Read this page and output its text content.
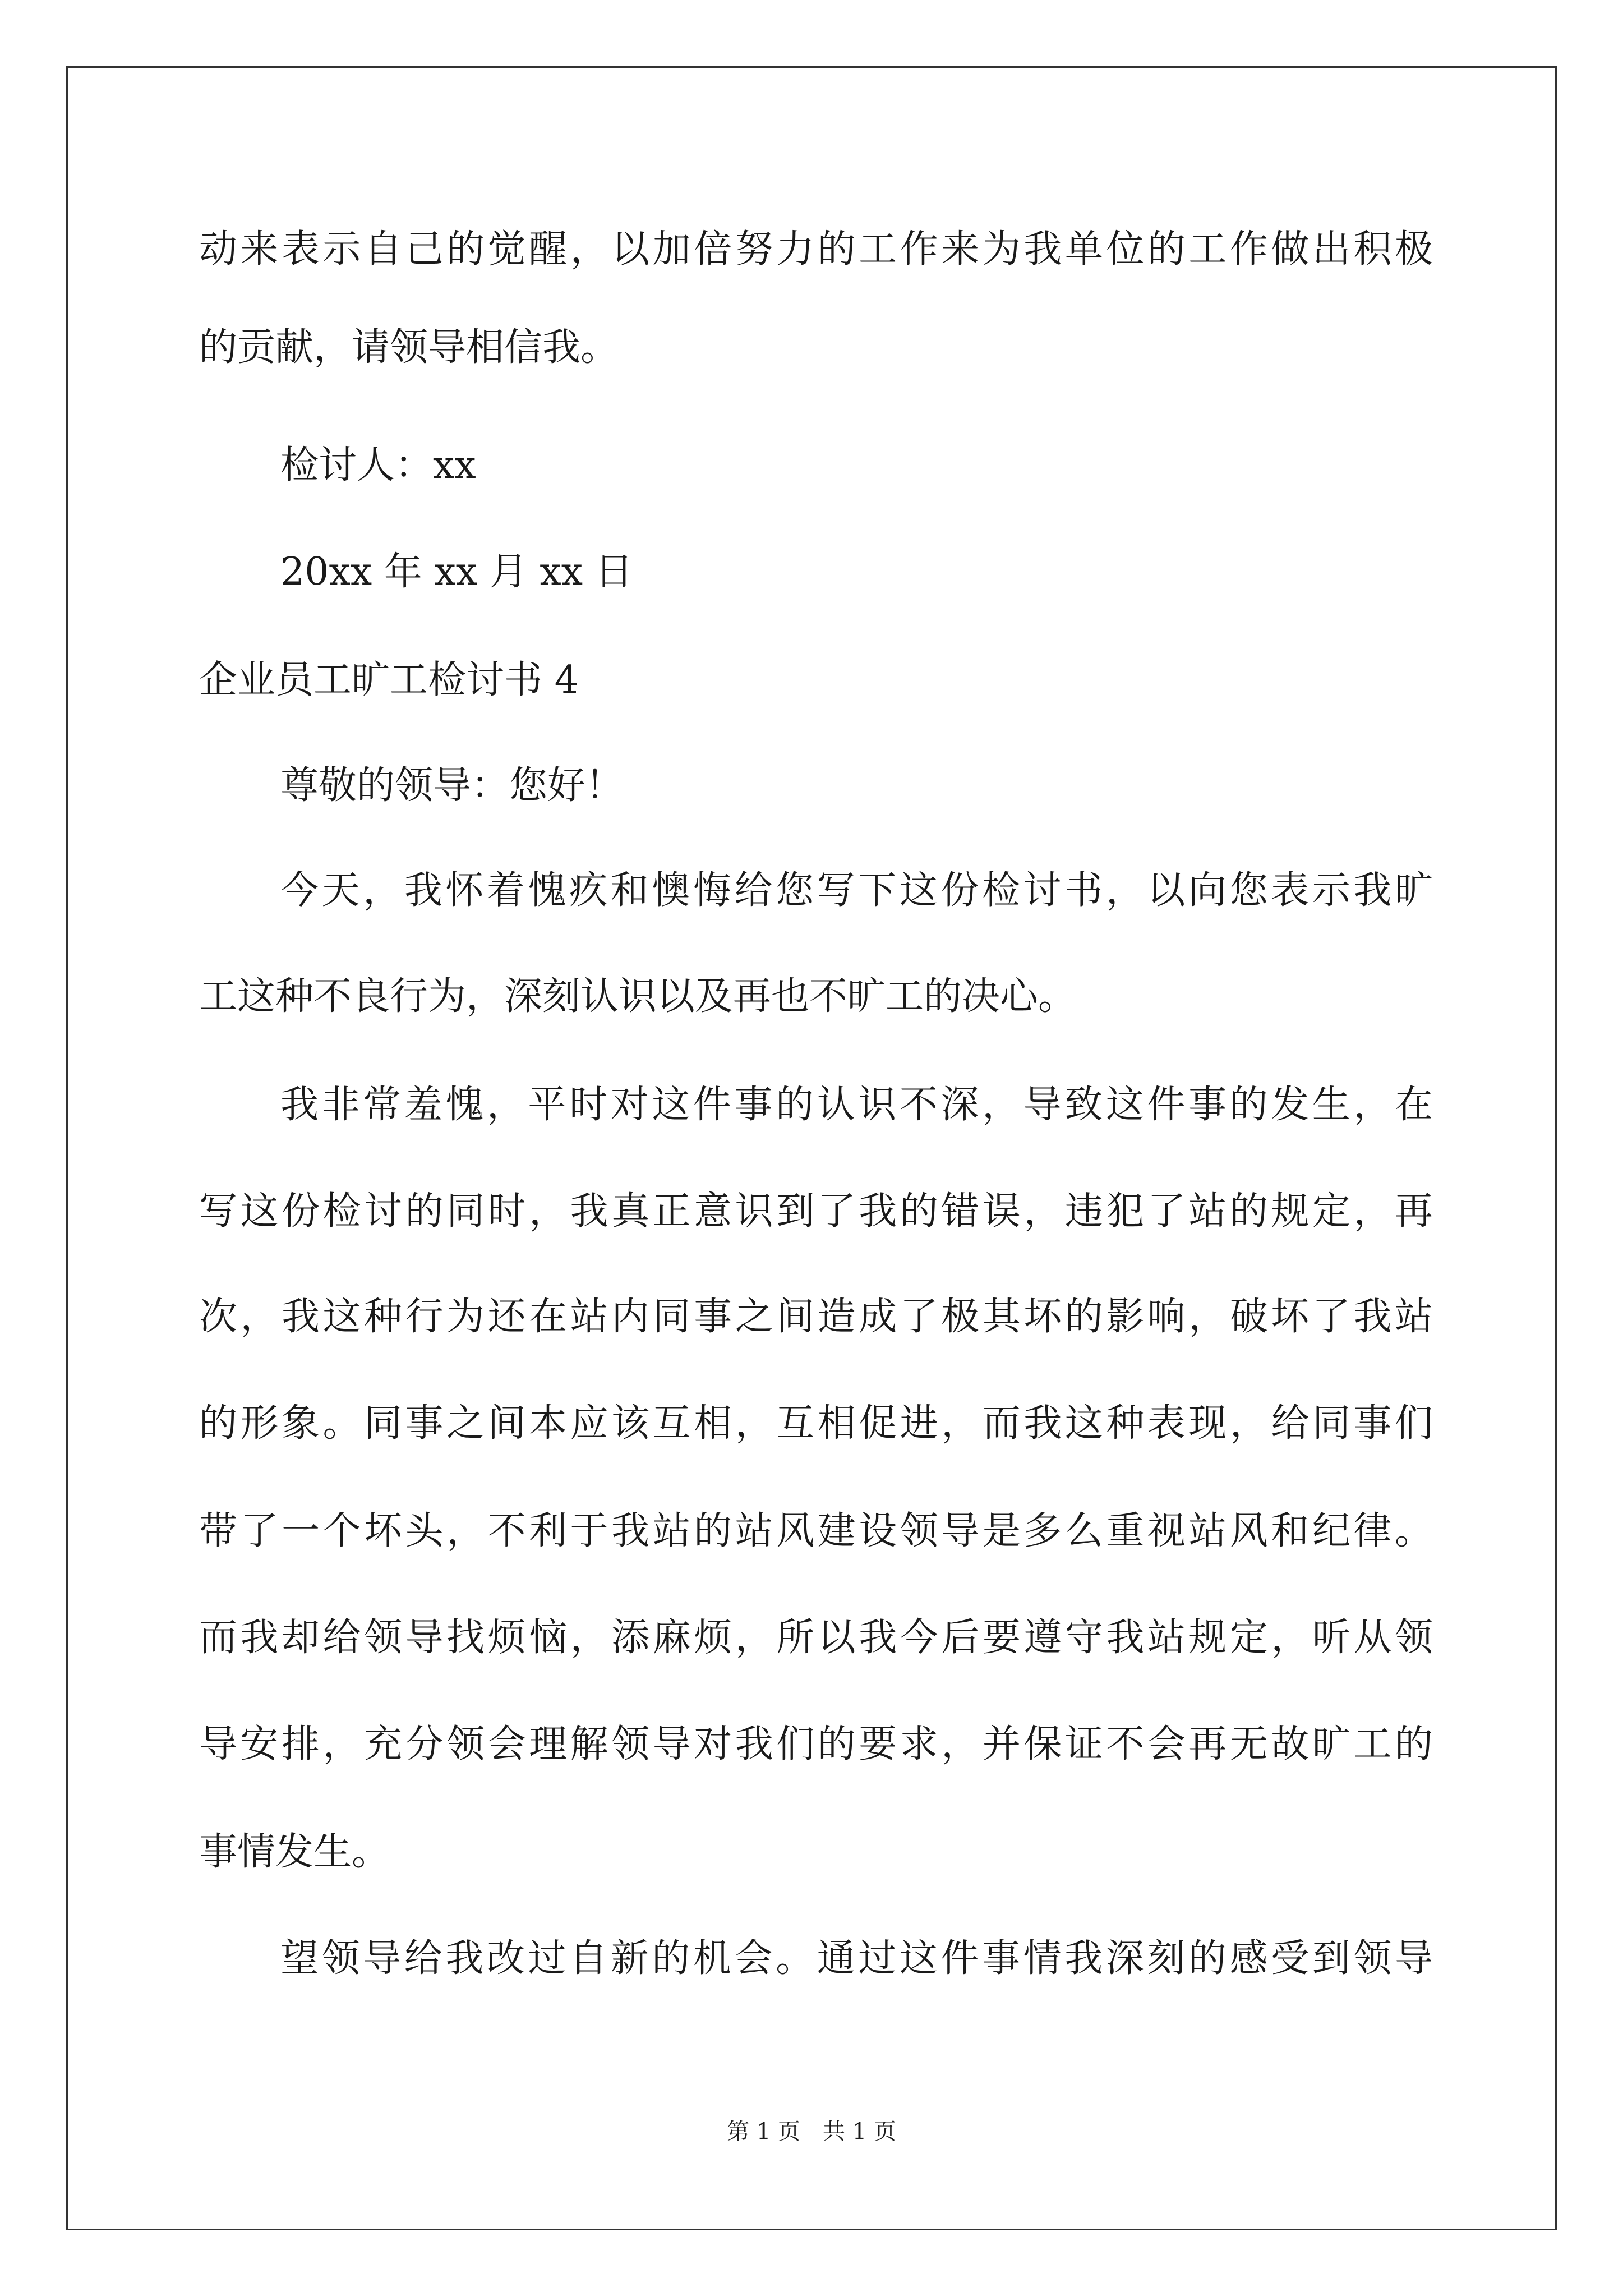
动来表示自己的觉醒，以加倍努力的工作来为我单位的工作做出积极
的贡献，请领导相信我。
检讨人：xx
20xx 年 xx 月 xx 日
企业员工旷工检讨书 4
尊敬的领导：您好！
今天，我怀着愧疚和懊悔给您写下这份检讨书，以向您表示我旷
工这种不良行为，深刻认识以及再也不旷工的决心。
我非常羞愧，平时对这件事的认识不深，导致这件事的发生，在
写这份检讨的同时，我真正意识到了我的错误，违犯了站的规定，再
次，我这种行为还在站内同事之间造成了极其坏的影响，破坏了我站
的形象。同事之间本应该互相，互相促进，而我这种表现，给同事们
带了一个坏头，不利于我站的站风建设领导是多么重视站风和纪律。
而我却给领导找烦恼，添麻烦，所以我今后要遵守我站规定，听从领
导安排，充分领会理解领导对我们的要求，并保证不会再无故旷工的
事情发生。
望领导给我改过自新的机会。通过这件事情我深刻的感受到领导
第 1 页　共 1 页
